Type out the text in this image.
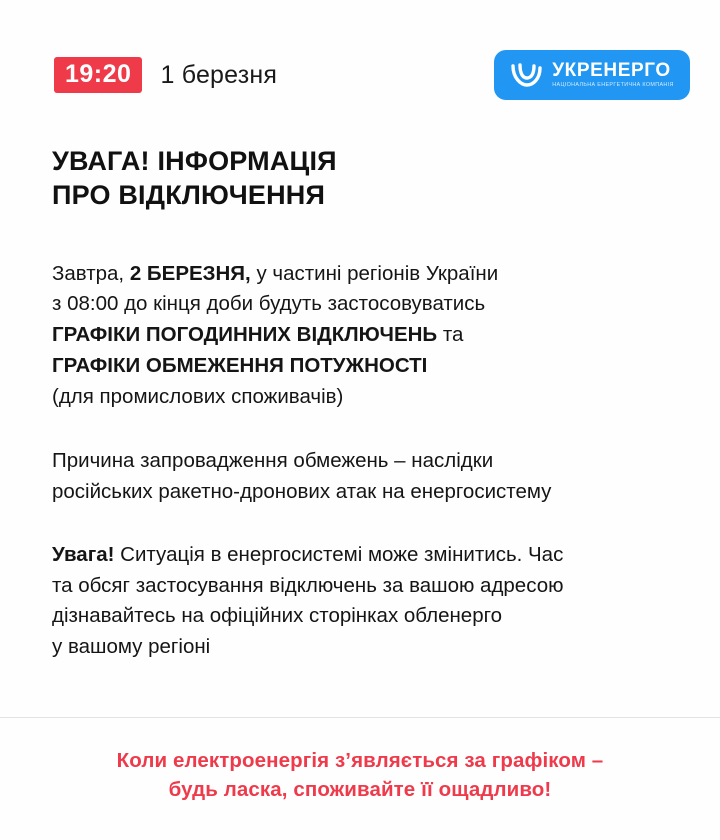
19:20	1 березня	УКРЕНЕРГО
НАЦІОНАЛЬНА ЕНЕРГЕТИЧНА КОМПАНІЯ
УВАГА! ІНФОРМАЦІЯ
ПРО ВІДКЛЮЧЕННЯ
Завтра, 2 БЕРЕЗНЯ, у частині регіонів України
з 08:00 до кінця доби будуть застосовуватись
ГРАФІКИ ПОГОДИННИХ ВІДКЛЮЧЕНЬ та
ГРАФІКИ ОБМЕЖЕННЯ ПОТУЖНОСТІ
(для промислових споживачів)
Причина запровадження обмежень – наслідки
російських ракетно-дронових атак на енергосистему
Увага! Ситуація в енергосистемі може змінитись. Час
та обсяг застосування відключень за вашою адресою
дізнавайтесь на офіційних сторінках обленерго
у вашому регіоні
Коли електроенергія з’являється за графіком –
будь ласка, споживайте її ощадливо!
